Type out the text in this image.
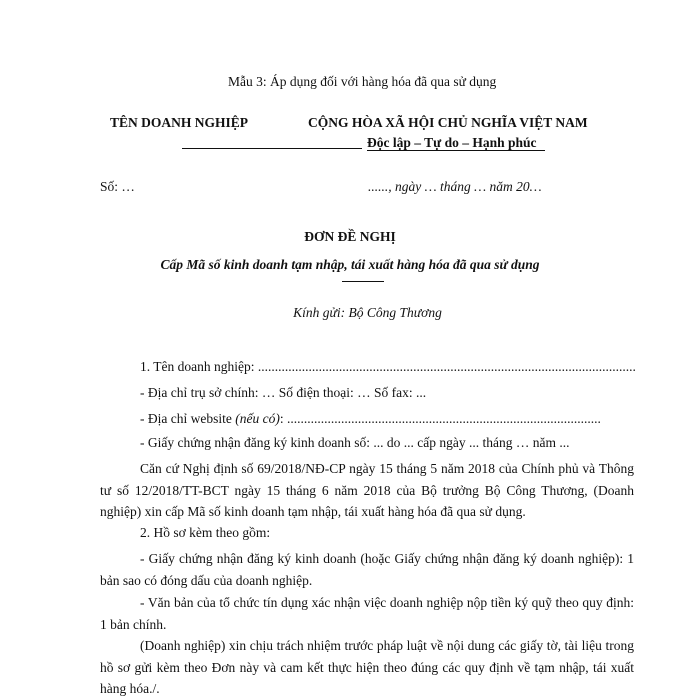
Mẫu 3: Áp dụng đối với hàng hóa đã qua sử dụng
TÊN DOANH NGHIỆP	CỘNG HÒA XÃ HỘI CHỦ NGHĨA VIỆT NAM
Độc lập – Tự do – Hạnh phúc
Số: …	......, ngày … tháng … năm 20…
ĐƠN ĐỀ NGHỊ
Cấp Mã số kinh doanh tạm nhập, tái xuất hàng hóa đã qua sử dụng
Kính gửi: Bộ Công Thương
1. Tên doanh nghiệp: ................................................................................................................
- Địa chỉ trụ sở chính: … Số điện thoại: … Số fax: ...
- Địa chỉ website (nếu có): .............................................................................................
- Giấy chứng nhận đăng ký kinh doanh số: ... do ... cấp ngày ... tháng … năm ...
Căn cứ Nghị định số 69/2018/NĐ-CP ngày 15 tháng 5 năm 2018 của Chính phủ và Thông tư số 12/2018/TT-BCT ngày 15 tháng 6 năm 2018 của Bộ trưởng Bộ Công Thương, (Doanh nghiệp) xin cấp Mã số kinh doanh tạm nhập, tái xuất hàng hóa đã qua sử dụng.
2. Hồ sơ kèm theo gồm:
- Giấy chứng nhận đăng ký kinh doanh (hoặc Giấy chứng nhận đăng ký doanh nghiệp): 1 bản sao có đóng dấu của doanh nghiệp.
- Văn bản của tổ chức tín dụng xác nhận việc doanh nghiệp nộp tiền ký quỹ theo quy định: 1 bản chính.
(Doanh nghiệp) xin chịu trách nhiệm trước pháp luật về nội dung các giấy tờ, tài liệu trong hồ sơ gửi kèm theo Đơn này và cam kết thực hiện theo đúng các quy định về tạm nhập, tái xuất hàng hóa./.
